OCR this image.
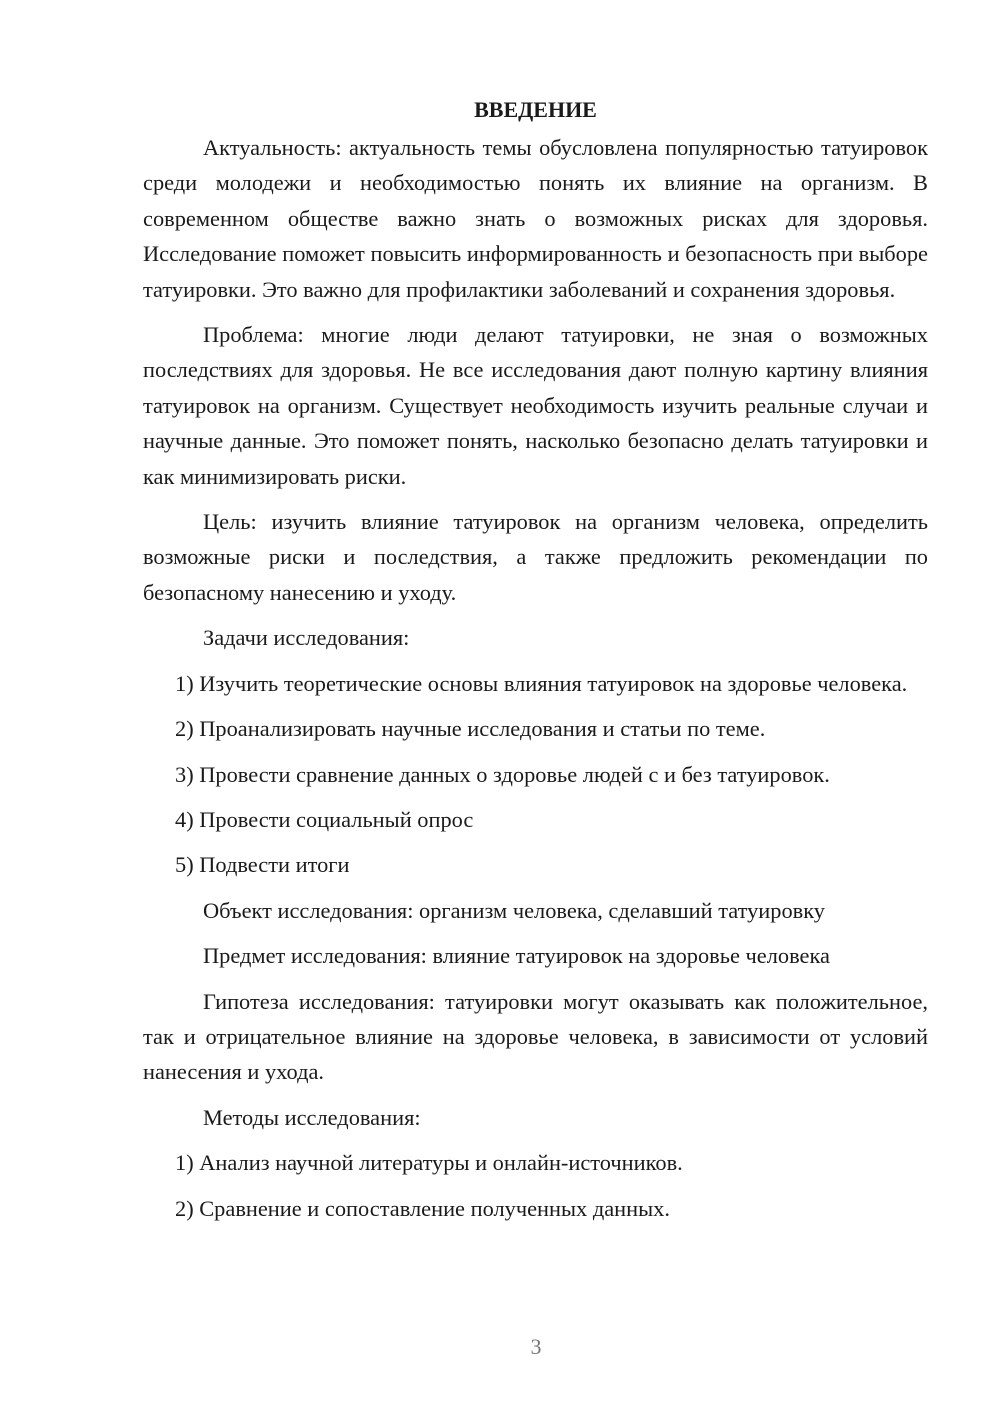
ВВЕДЕНИЕ

Актуальность: актуальность темы обусловлена популярностью татуировок среди молодежи и необходимостью понять их влияние на организм. В современном обществе важно знать о возможных рисках для здоровья. Исследование поможет повысить информированность и безопасность при выборе татуировки. Это важно для профилактики заболеваний и сохранения здоровья.

Проблема: многие люди делают татуировки, не зная о возможных последствиях для здоровья. Не все исследования дают полную картину влияния татуировок на организм. Существует необходимость изучить реальные случаи и научные данные. Это поможет понять, насколько безопасно делать татуировки и как минимизировать риски.

Цель: изучить влияние татуировок на организм человека, определить возможные риски и последствия, а также предложить рекомендации по безопасному нанесению и уходу.

Задачи исследования:

1) Изучить теоретические основы влияния татуировок на здоровье человека.

2) Проанализировать научные исследования и статьи по теме.

3) Провести сравнение данных о здоровье людей с и без татуировок.

4) Провести социальный опрос

5) Подвести итоги

Объект исследования: организм человека, сделавший татуировку

Предмет исследования: влияние татуировок на здоровье человека

Гипотеза исследования: татуировки могут оказывать как положительное, так и отрицательное влияние на здоровье человека, в зависимости от условий нанесения и ухода.

Методы исследования:

1) Анализ научной литературы и онлайн-источников.

2) Сравнение и сопоставление полученных данных.

3
